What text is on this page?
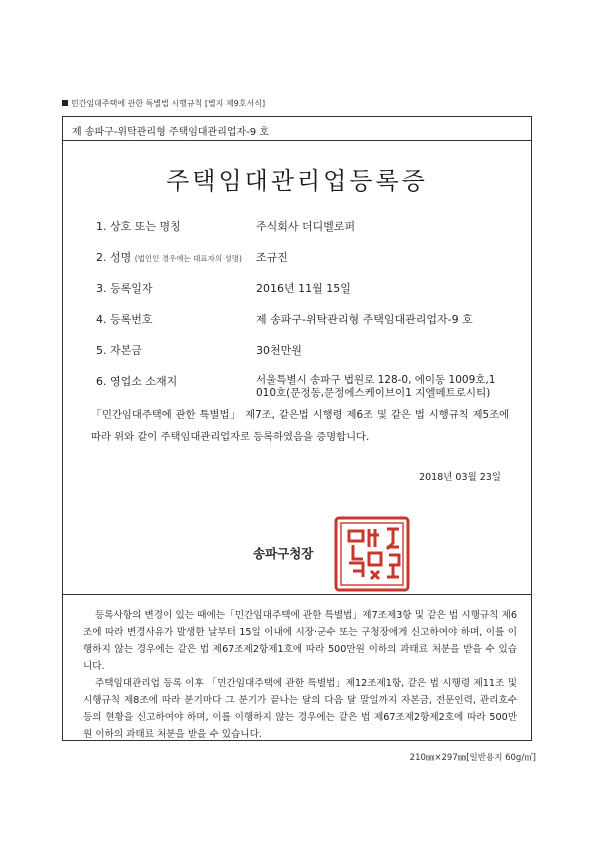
민간임대주택에 관한 특별법 시행규칙 [별지 제9호서식]
제 송파구-위탁관리형 주택임대관리업자-9 호
주택임대관리업등록증
1. 상호 또는 명칭	주식회사 더디벨로퍼
2. 성명 (법인인 경우에는 대표자의 성명) 조규진
3. 등록일자	2016년 11월 15일
4. 등록번호	제 송파구-위탁관리형 주택임대관리업자-9 호
5. 자본금	30천만원
6. 영업소 소재지	서울특별시 송파구 법원로 128-0, 에이동 1009호,1
010호(문정동,문정에스케이브이1 지엘메트로시티)
「민간임대주택에 관한 특별법」 제7조, 같은법 시행령 제6조 및 같은 법 시행규칙 제5조에 따라 위와 같이 주택임대관리업자로 등록하였음을 증명합니다.
2018년 03월 23일
송파구청장

등록사항의 변경이 있는 때에는「민간임대주택에 관한 특별법」제7조제3항 및 같은 법 시행규칙 제6조에 따라 변경사유가 발생한 날부터 15일 이내에 시장·군수 또는 구청장에게 신고하여야 하며, 이를 이행하지 않는 경우에는 같은 법 제67조제2항제1호에 따라 500만원 이하의 과태료 처분을 받을 수 있습니다.

주택임대관리업 등록 이후 「민간임대주택에 관한 특별법」제12조제1항, 같은 법 시행령 제11조 및 시행규칙 제8조에 따라 분기마다 그 분기가 끝나는 달의 다음 달 말일까지 자본금, 전문인력, 관리호수 등의 현황을 신고하여야 하며, 이를 이행하지 않는 경우에는 같은 법 제67조제2항제2호에 따라 500만원 이하의 과태료 처분을 받을 수 있습니다.

210㎜×297㎜[일반용지 60g/㎡]
